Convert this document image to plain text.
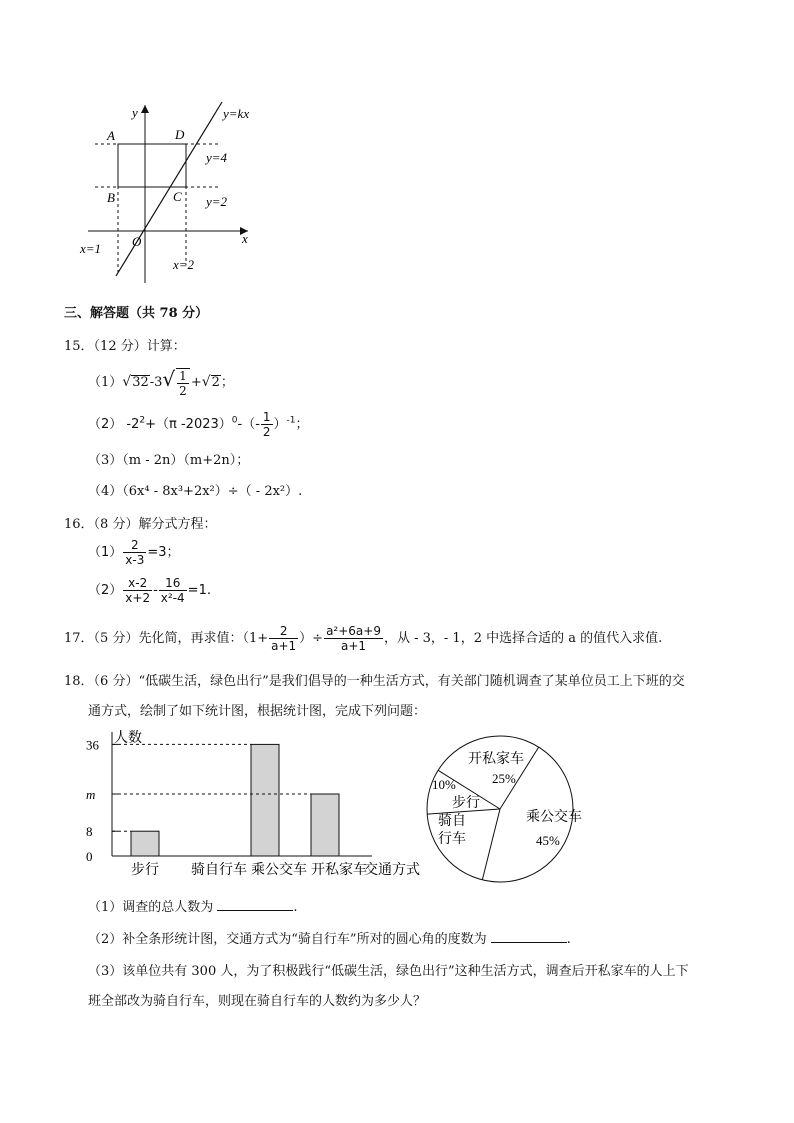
y
x
O
A
B	C
D
y=kx
y=4
y=2
x=1
x=2
三、解答题（共 78 分）
15．（12 分）计算：
$(1)√32-3√ \frac{1}{2} +√2$；
（2） $-2^2+(\pi$ $-2023)^0-(- \frac{1}{2} )^{-1}$；
（3）（m - 2n）（m+2n）；
（4）（6x⁴ - 8x³+2x²）÷（ - 2x²）.
16．（8 分）解分式方程：
$(1) \frac{2}{x-3} =3$；
$(2) \frac{x-2}{x+2} - \frac{16}{\text{x²-4}} =1$.
17．（5 分）先化简，再求值：（$1+ \frac{2}{a+1}$ ）÷ $\frac{\text{a²+6a+9}}{a+1}$ ，从 - 3，- 1，2 中选择合适的 a 的值代入求值.
18．（6 分）“低碳生活，绿色出行”是我们倡导的一种生活方式，有关部门随机调查了某单位员工上下班的交
通方式，绘制了如下统计图，根据统计图，完成下列问题：
人数
交通方式
0
8
m
36
步行 骑自行车 乘公交车 开私家车
开私家车
25%
乘公交车
45%
骑自
行车
步行
10%
（1）调查的总人数为	.
（2）补全条形统计图，交通方式为“骑自行车”所对的圆心角的度数为	.
（3）该单位共有 300 人，为了积极践行“低碳生活，绿色出行”这种生活方式，调查后开私家车的人上下
班全部改为骑自行车，则现在骑自行车的人数约为多少人？
